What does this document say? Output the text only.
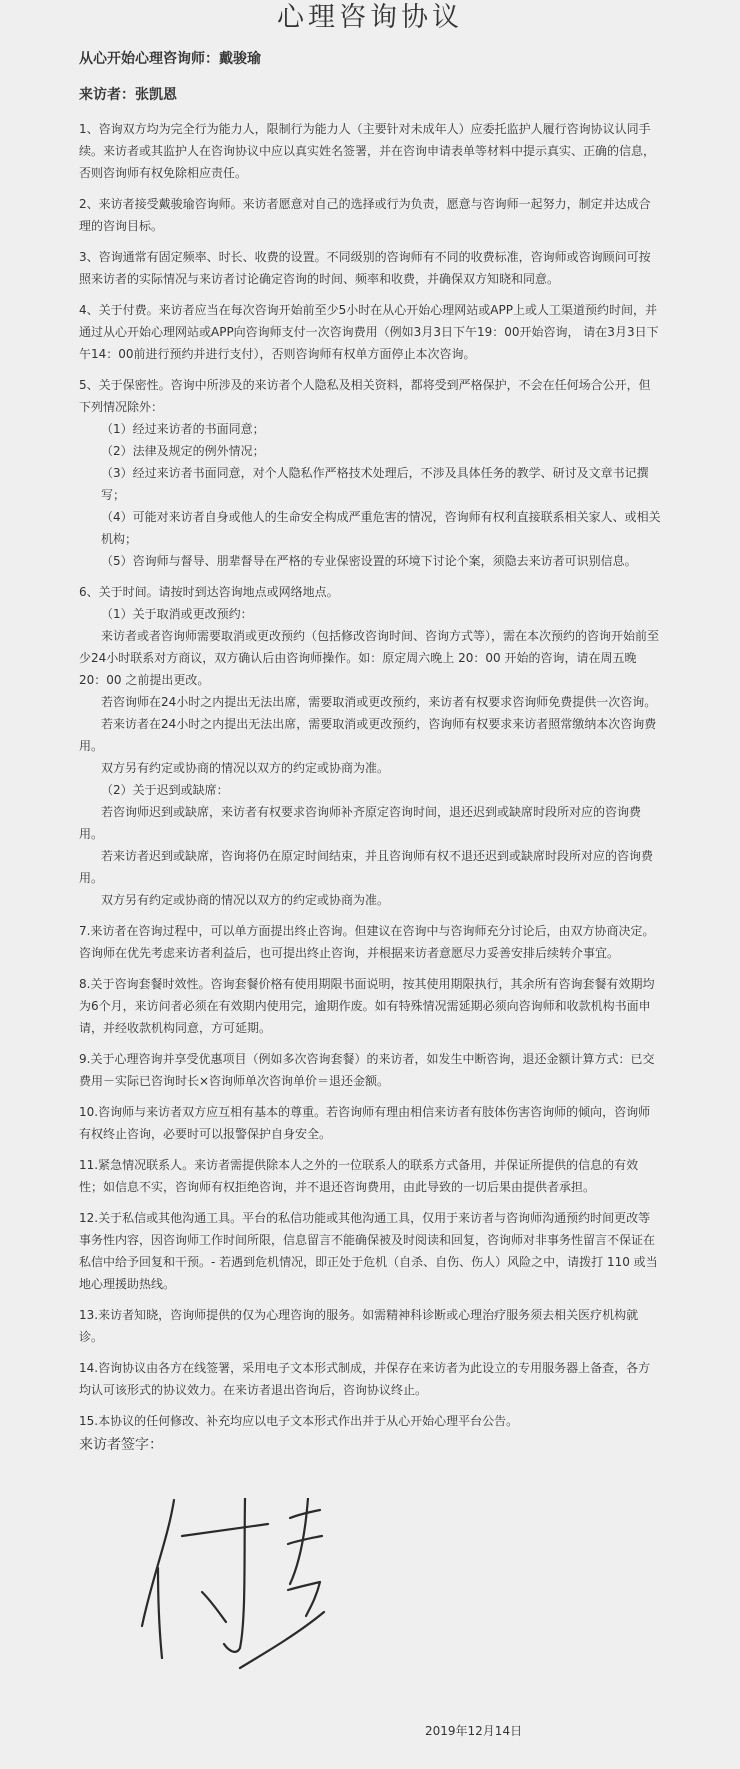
心理咨询协议
从心开始心理咨询师：戴骏瑜
来访者：张凯恩

1、咨询双方均为完全行为能力人，限制行为能力人（主要针对未成年人）应委托监护人履行咨询协议认同手续。来访者或其监护人在咨询协议中应以真实姓名签署，并在咨询申请表单等材料中提示真实、正确的信息，否则咨询师有权免除相应责任。

2、来访者接受戴骏瑜咨询师。来访者愿意对自己的选择或行为负责，愿意与咨询师一起努力，制定并达成合理的咨询目标。

3、咨询通常有固定频率、时长、收费的设置。不同级别的咨询师有不同的收费标准，咨询师或咨询顾问可按照来访者的实际情况与来访者讨论确定咨询的时间、频率和收费，并确保双方知晓和同意。

4、关于付费。来访者应当在每次咨询开始前至少5小时在从心开始心理网站或APP上或人工渠道预约时间，并通过从心开始心理网站或APP向咨询师支付一次咨询费用（例如3月3日下午19：00开始咨询， 请在3月3日下午14：00前进行预约并进行支付），否则咨询师有权单方面停止本次咨询。

5、关于保密性。咨询中所涉及的来访者个人隐私及相关资料，都将受到严格保护，不会在任何场合公开，但下列情况除外：

（1）经过来访者的书面同意；
（2）法律及规定的例外情况；
（3）经过来访者书面同意，对个人隐私作严格技术处理后，不涉及具体任务的教学、研讨及文章书记撰写；
（4）可能对来访者自身或他人的生命安全构成严重危害的情况，咨询师有权利直接联系相关家人、或相关机构；
（5）咨询师与督导、朋辈督导在严格的专业保密设置的环境下讨论个案，须隐去来访者可识别信息。

6、关于时间。请按时到达咨询地点或网络地点。

（1）关于取消或更改预约：
来访者或者咨询师需要取消或更改预约（包括修改咨询时间、咨询方式等），需在本次预约的咨询开始前至少24小时联系对方商议，双方确认后由咨询师操作。如：原定周六晚上 20：00 开始的咨询，请在周五晚 20：00 之前提出更改。
若咨询师在24小时之内提出无法出席，需要取消或更改预约，来访者有权要求咨询师免费提供一次咨询。
若来访者在24小时之内提出无法出席，需要取消或更改预约，咨询师有权要求来访者照常缴纳本次咨询费用。
双方另有约定或协商的情况以双方的约定或协商为准。
（2）关于迟到或缺席：
若咨询师迟到或缺席，来访者有权要求咨询师补齐原定咨询时间，退还迟到或缺席时段所对应的咨询费用。
若来访者迟到或缺席，咨询将仍在原定时间结束，并且咨询师有权不退还迟到或缺席时段所对应的咨询费用。
双方另有约定或协商的情况以双方的约定或协商为准。

7.来访者在咨询过程中，可以单方面提出终止咨询。但建议在咨询中与咨询师充分讨论后，由双方协商决定。咨询师在优先考虑来访者利益后，也可提出终止咨询，并根据来访者意愿尽力妥善安排后续转介事宜。

8.关于咨询套餐时效性。咨询套餐价格有使用期限书面说明，按其使用期限执行，其余所有咨询套餐有效期均为6个月，来访问者必须在有效期内使用完，逾期作废。如有特殊情况需延期必须向咨询师和收款机构书面申请，并经收款机构同意，方可延期。

9.关于心理咨询并享受优惠项目（例如多次咨询套餐）的来访者，如发生中断咨询，退还金额计算方式：已交费用－实际已咨询时长×咨询师单次咨询单价＝退还金额。

10.咨询师与来访者双方应互相有基本的尊重。若咨询师有理由相信来访者有肢体伤害咨询师的倾向，咨询师有权终止咨询，必要时可以报警保护自身安全。

11.紧急情况联系人。来访者需提供除本人之外的一位联系人的联系方式备用，并保证所提供的信息的有效性；如信息不实，咨询师有权拒绝咨询，并不退还咨询费用，由此导致的一切后果由提供者承担。

12.关于私信或其他沟通工具。平台的私信功能或其他沟通工具，仅用于来访者与咨询师沟通预约时间更改等事务性内容，因咨询师工作时间所限，信息留言不能确保被及时阅读和回复，咨询师对非事务性留言不保证在私信中给予回复和干预。- 若遇到危机情况，即正处于危机（自杀、自伤、伤人）风险之中，请拨打 110 或当地心理援助热线。

13.来访者知晓，咨询师提供的仅为心理咨询的服务。如需精神科诊断或心理治疗服务须去相关医疗机构就诊。

14.咨询协议由各方在线签署，采用电子文本形式制成，并保存在来访者为此设立的专用服务器上备查，各方均认可该形式的协议效力。在来访者退出咨询后，咨询协议终止。

15.本协议的任何修改、补充均应以电子文本形式作出并于从心开始心理平台公告。

来访者签字：
2019年12月14日
